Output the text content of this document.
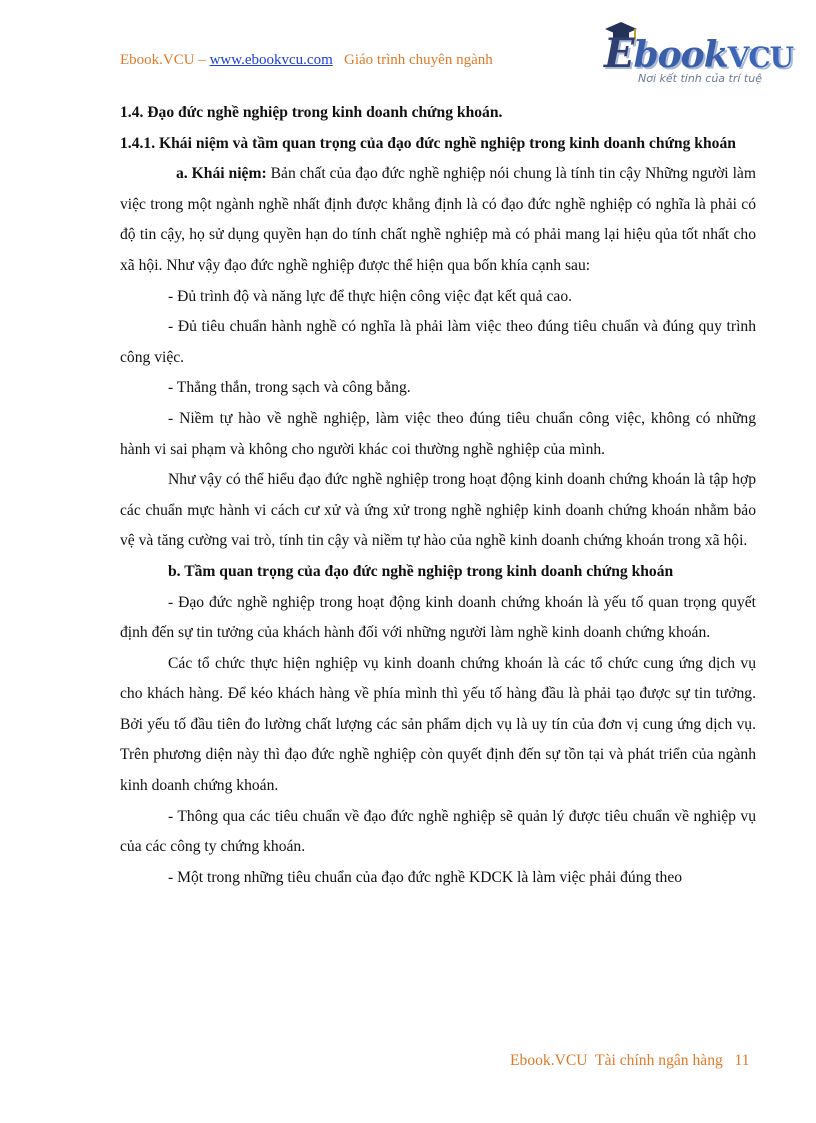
Ebook.VCU – www.ebookvcu.com   Giáo trình chuyên ngành	EbookVCU
Nơi kết tinh của trí tuệ

1.4. Đạo đức nghề nghiệp trong kinh doanh chứng khoán.

1.4.1. Khái niệm và tầm quan trọng của đạo đức nghề nghiệp trong kinh doanh chứng khoán

a. Khái niệm: Bản chất của đạo đức nghề nghiệp nói chung là tính tin cậy Những người làm việc trong một ngành nghề nhất định được khẳng định là có đạo đức nghề nghiệp có nghĩa là phải có độ tin cậy, họ sử dụng quyền hạn do tính chất nghề nghiệp mà có phải mang lại hiệu qủa tốt nhất cho xã hội. Như vậy đạo đức nghề nghiệp được thể hiện qua bốn khía cạnh sau:

- Đủ trình độ và năng lực để thực hiện công việc đạt kết quả cao.

- Đủ tiêu chuẩn hành nghề có nghĩa là phải làm việc theo đúng tiêu chuẩn và đúng quy trình công việc.

- Thẳng thắn, trong sạch và công bằng.

- Niềm tự hào về nghề nghiệp, làm việc theo đúng tiêu chuẩn công việc, không có những hành vi sai phạm và không cho người khác coi thường nghề nghiệp của mình.

Như vậy có thể hiểu đạo đức nghề nghiệp trong hoạt động kinh doanh chứng khoán là tập hợp các chuẩn mực hành vi cách cư xử và ứng xử trong nghề nghiệp kinh doanh chứng khoán nhằm bảo vệ và tăng cường vai trò, tính tin cậy và niềm tự hào của nghề kinh doanh chứng khoán trong xã hội.

b. Tầm quan trọng của đạo đức nghề nghiệp trong kinh doanh chứng khoán

- Đạo đức nghề nghiệp trong hoạt động kinh doanh chứng khoán là yếu tố quan trọng quyết định đến sự tin tưởng của khách hành đối với những người làm nghề kinh doanh chứng khoán.

Các tổ chức thực hiện nghiệp vụ kinh doanh chứng khoán là các tổ chức cung ứng dịch vụ cho khách hàng. Để kéo khách hàng về phía mình thì yếu tố hàng đầu là phải tạo được sự tin tưởng. Bởi yếu tố đầu tiên đo lường chất lượng các sản phẩm dịch vụ là uy tín của đơn vị cung ứng dịch vụ. Trên phương diện này thì đạo đức nghề nghiệp còn quyết định đến sự tồn tại và phát triển của ngành kinh doanh chứng khoán.

- Thông qua các tiêu chuẩn về đạo đức nghề nghiệp sẽ quản lý được tiêu chuẩn về nghiệp vụ của các công ty chứng khoán.

- Một trong những tiêu chuẩn của đạo đức nghề KDCK là làm việc phải đúng theo

Ebook.VCU  Tài chính ngân hàng   11
